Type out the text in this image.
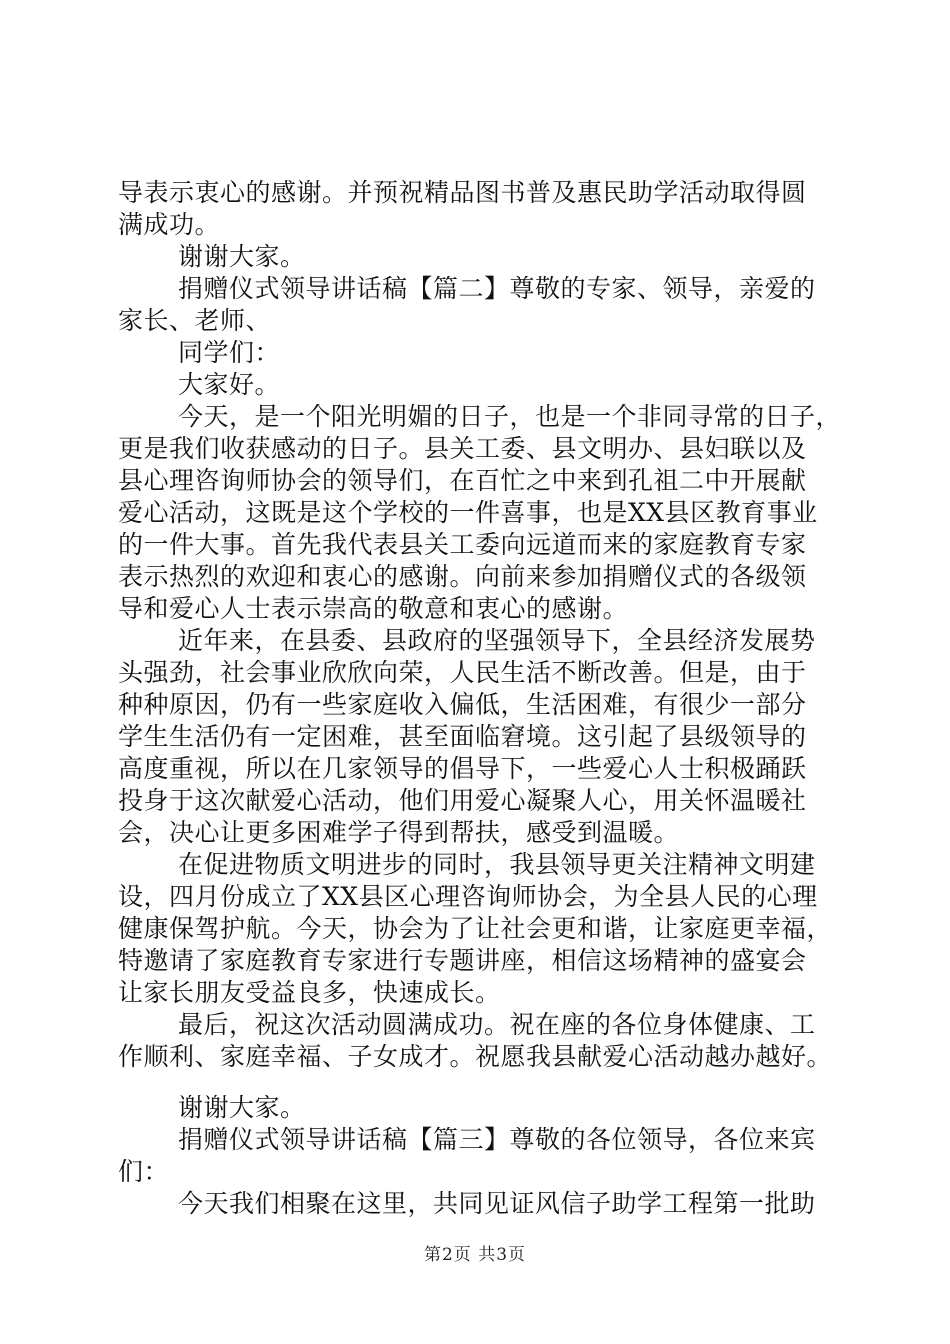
导表示衷心的感谢。并预祝精品图书普及惠民助学活动取得圆
满成功。
谢谢大家。
捐赠仪式领导讲话稿【篇二】尊敬的专家、领导，亲爱的
家长、老师、
同学们：
大家好。
今天，是一个阳光明媚的日子，也是一个非同寻常的日子，
更是我们收获感动的日子。县关工委、县文明办、县妇联以及
县心理咨询师协会的领导们，在百忙之中来到孔祖二中开展献
爱心活动，这既是这个学校的一件喜事，也是XX县区教育事业
的一件大事。首先我代表县关工委向远道而来的家庭教育专家
表示热烈的欢迎和衷心的感谢。向前来参加捐赠仪式的各级领
导和爱心人士表示崇高的敬意和衷心的感谢。
近年来，在县委、县政府的坚强领导下，全县经济发展势
头强劲，社会事业欣欣向荣，人民生活不断改善。但是，由于
种种原因，仍有一些家庭收入偏低，生活困难，有很少一部分
学生生活仍有一定困难，甚至面临窘境。这引起了县级领导的
高度重视，所以在几家领导的倡导下，一些爱心人士积极踊跃
投身于这次献爱心活动，他们用爱心凝聚人心，用关怀温暖社
会，决心让更多困难学子得到帮扶，感受到温暖。
在促进物质文明进步的同时，我县领导更关注精神文明建
设，四月份成立了XX县区心理咨询师协会，为全县人民的心理
健康保驾护航。今天，协会为了让社会更和谐，让家庭更幸福，
特邀请了家庭教育专家进行专题讲座，相信这场精神的盛宴会
让家长朋友受益良多，快速成长。
最后，祝这次活动圆满成功。祝在座的各位身体健康、工
作顺利、家庭幸福、子女成才。祝愿我县献爱心活动越办越好。
谢谢大家。
捐赠仪式领导讲话稿【篇三】尊敬的各位领导，各位来宾
们：
今天我们相聚在这里，共同见证风信子助学工程第一批助
第2页 共3页
